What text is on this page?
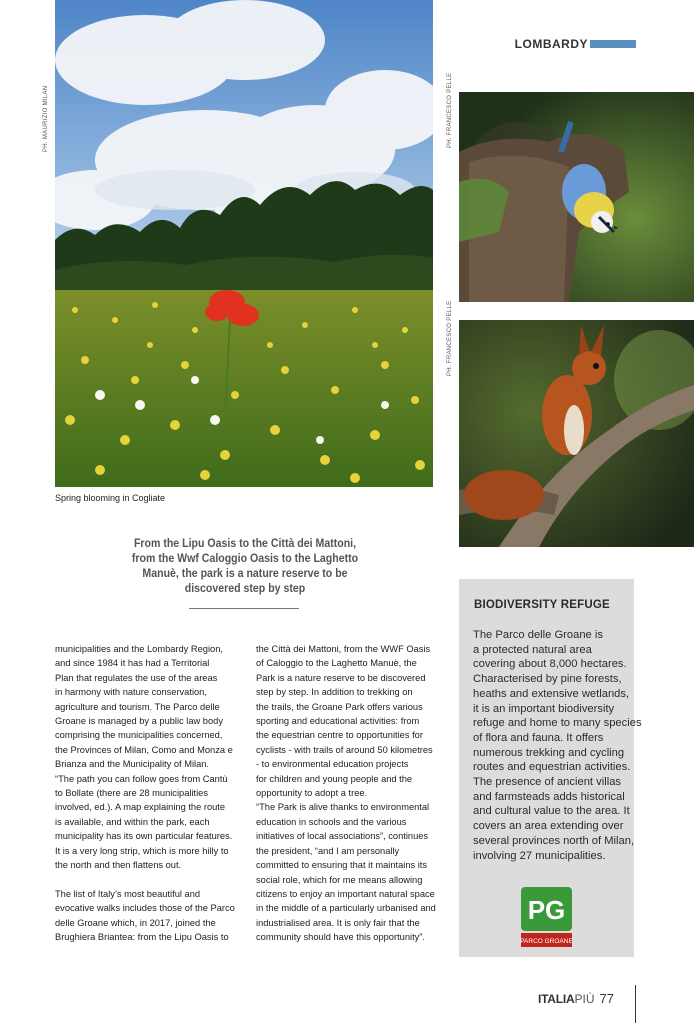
PH. MAURIZIO MILAN
Spring blooming in Cogliate
LOMBARDY
PH. FRANCESCO PELLE
PH. FRANCESCO PELLE
From the Lipu Oasis to the Città dei Mattoni, from the Wwf Caloggio Oasis to the Laghetto Manuè, the park is a nature reserve to be discovered step by step

municipalities and the Lombardy Region,

and since 1984 it has had a Territorial

Plan that regulates the use of the areas

in harmony with nature conservation,

agriculture and tourism. The Parco delle

Groane is managed by a public law body

comprising the municipalities concerned,

the Provinces of Milan, Como and Monza e

Brianza and the Municipality of Milan.

“The path you can follow goes from Cantù

to Bollate (there are 28 municipalities

involved, ed.). A map explaining the route

is available, and within the park, each

municipality has its own particular features.

It is a very long strip, which is more hilly to

the north and then flattens out.

The list of Italy’s most beautiful and

evocative walks includes those of the Parco

delle Groane which, in 2017, joined the

Brughiera Briantea: from the Lipu Oasis to

the Città dei Mattoni, from the WWF Oasis

of Caloggio to the Laghetto Manuè, the

Park is a nature reserve to be discovered

step by step. In addition to trekking on

the trails, the Groane Park offers various

sporting and educational activities: from

the equestrian centre to opportunities for

cyclists - with trails of around 50 kilometres

- to environmental education projects

for children and young people and the

opportunity to adopt a tree.

“The Park is alive thanks to environmental

education in schools and the various

initiatives of local associations”, continues

the president, “and I am personally

committed to ensuring that it maintains its

social role, which for me means allowing

citizens to enjoy an important natural space

in the middle of a particularly urbanised and

industrialised area. It is only fair that the

community should have this opportunity”.

BIODIVERSITY REFUGE

The Parco delle Groane is

a protected natural area

covering about 8,000 hectares.

Characterised by pine forests,

heaths and extensive wetlands,

it is an important biodiversity

refuge and home to many species

of flora and fauna. It offers

numerous trekking and cycling

routes and equestrian activities.

The presence of ancient villas

and farmsteads adds historical

and cultural value to the area. It

covers an area extending over

several provinces north of Milan,

involving 27 municipalities.

PG
PARCO GROANE
ITALIA PIÙ 77
